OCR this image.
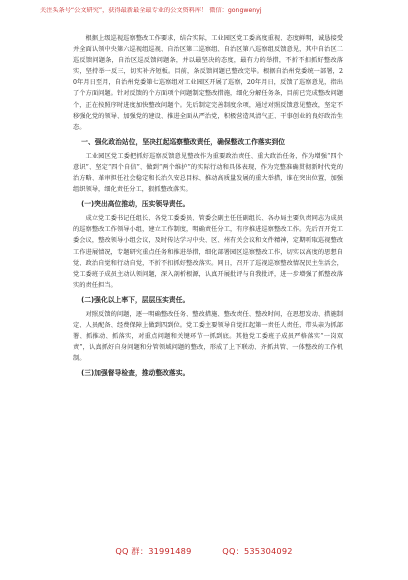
关注头条号“公文研究”，获得最新最全最专业的公文资料库！ 微信：gongwenyj

根据上级巡视巡察整改工作要求，结合实际，工业园区党工委高度重视、态度鲜明，诚恳接受并全面认领中央第六巡视组巡视、自治区第二巡察组、自治区第八巡察组反馈意见，其中自治区二巡反馈问题条，自治区巡反馈问题条，并以最坚决的态度，最有力的举措，不折不扣抓好整改落实，坚持举一反三，切实补齐短板。目前，条反馈问题已整改完毕。根据自治州党委统一部署，20年月日至月，自治州党委第七巡察组对工业园区开展了巡察，20年月日，反馈了巡察意见，指出了个方面问题。针对反馈的个方面项个问题制定整改措施，细化分解任务条，目前已完成整改问题个，正在按照序时进度加快整改问题个。先后制定完善制度余项，通过对照反馈意见整改，坚定不移强化党的领导、加强党的建设、推进全面从严治党，积极营造风清气正、干事创业的良好政治生态。

一、强化政治站位，坚决扛起巡察整改责任，确保整改工作落实到位

工业园区党工委把抓好巡察反馈意见整改作为重要政治责任、重大政治任务，作为增强“四个意识”、坚定“四个自信”、做到“两个维护”的实际行动和具体表现，作为完整准确贯彻新时代党的治方略、革审担任社会稳定和长治久安总目标、推动高质量发展的重大举措，谁在突出位置，加强组织领导，细化责任分工，狠抓整改落实。

(一)突出高位推动，压实领导责任。

成立党工委书记任组长、各党工委委员、管委会副主任任副组长、各办局主要负责同志为成员的巡察整改工作领导小组，建立工作制度，明确责任分工，有序推进巡察整改工作。先后召开党工委会议，整改领导小组会议，及时传达学习中央、区、州有关会议和文件精神，定期听取巡视整改工作进展情况，专题研究重点任务和推进举措，细化部署园区巡察整改工作，切实以高度的思想自觉、政治自觉和行动自觉，不折不扣抓好整改落实。同日，召开了巡视巡察整改情况民主生活会，党工委班子成员主动认领问题，深入剖析根源，认真开展批评与自我批评，进一步增强了抓整改落实的责任担当。

(二)强化以上率下，层层压实责任。

对照反馈的问题，逐一明确整改任务、整改措施、整改责任、整改时间，在思想发动、措施制定、人员配备、经费保障上做到四到位。党工委主要领导自觉扛起第一责任人责任，带头亲为抓部署、抓推动、抓落实，对重点问题和关键环节一抓到底。其他党工委班子成员严格落实“一岗双责”，认真抓好自身问题和分管领域问题的整改，形成了上下联动、齐抓共管、一体整改的工作机制。

(三)加强督导检查，推动整改落实。
QQ 群：31991489	QQ：535304092
